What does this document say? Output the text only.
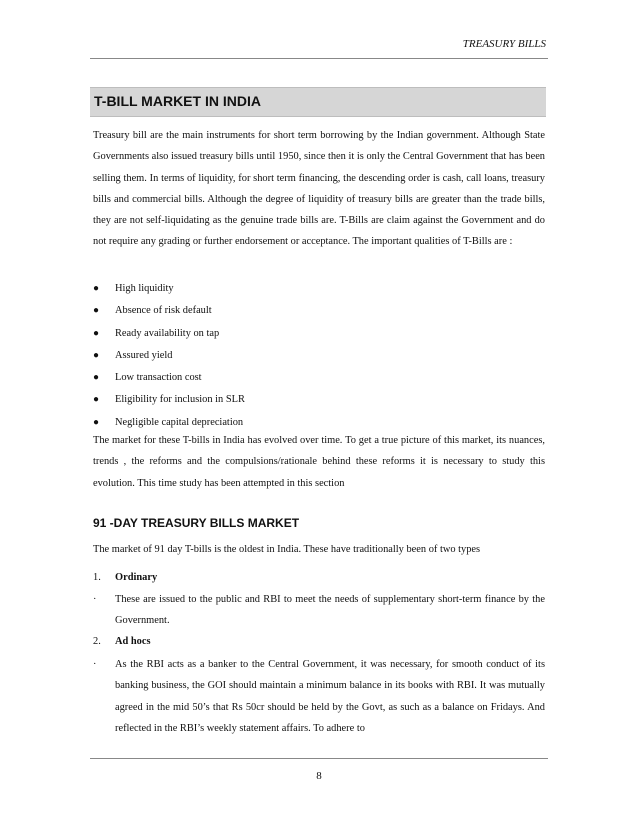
TREASURY BILLS
T-BILL MARKET IN INDIA
Treasury bill are the main instruments for short term borrowing by the Indian government. Although State Governments also issued treasury bills until 1950, since then it is only the Central Government that has been selling them. In terms of liquidity, for short term financing, the descending order is cash, call loans, treasury bills and commercial bills. Although the degree of liquidity of treasury bills are greater than the trade bills, they are not self-liquidating as the genuine trade bills are. T-Bills are claim against the Government and do not require any grading or further endorsement or acceptance. The important qualities of T-Bills are :
● High liquidity
● Absence of risk default
● Ready availability on tap
● Assured yield
● Low transaction cost
● Eligibility for inclusion in SLR
● Negligible capital depreciation
The market for these T-bills in India has evolved over time. To get a true picture of this market, its nuances, trends , the reforms and the compulsions/rationale behind these reforms it is necessary to study this evolution. This time study has been attempted in this section
91 -DAY TREASURY BILLS MARKET
The market of 91 day T-bills is the oldest in India. These have traditionally been of two types
1. Ordinary
· These are issued to the public and RBI to meet the needs of supplementary short-term finance by the Government.
2. Ad hocs
· As the RBI acts as a banker to the Central Government, it was necessary, for smooth conduct of its banking business, the GOI should maintain a minimum balance in its books with RBI. It was mutually agreed in the mid 50’s that Rs 50cr should be held by the Govt, as such as a balance on Fridays. And reflected in the RBI’s weekly statement affairs. To adhere to
8
